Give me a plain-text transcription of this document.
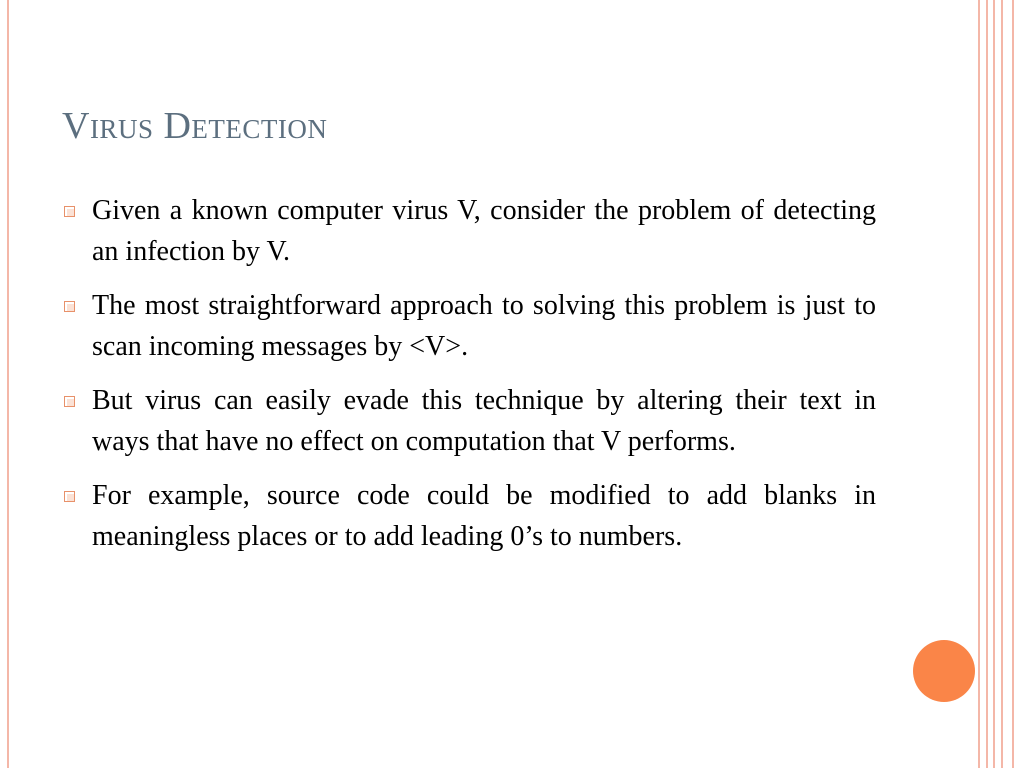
Virus Detection
Given a known computer virus V, consider the problem of detecting an infection by V.
The most straightforward approach to solving this problem is just to scan incoming messages by <V>.
But virus can easily evade this technique by altering their text in ways that have no effect on computation that V performs.
For example, source code could be modified to add blanks in meaningless places or to add leading 0’s to numbers.
